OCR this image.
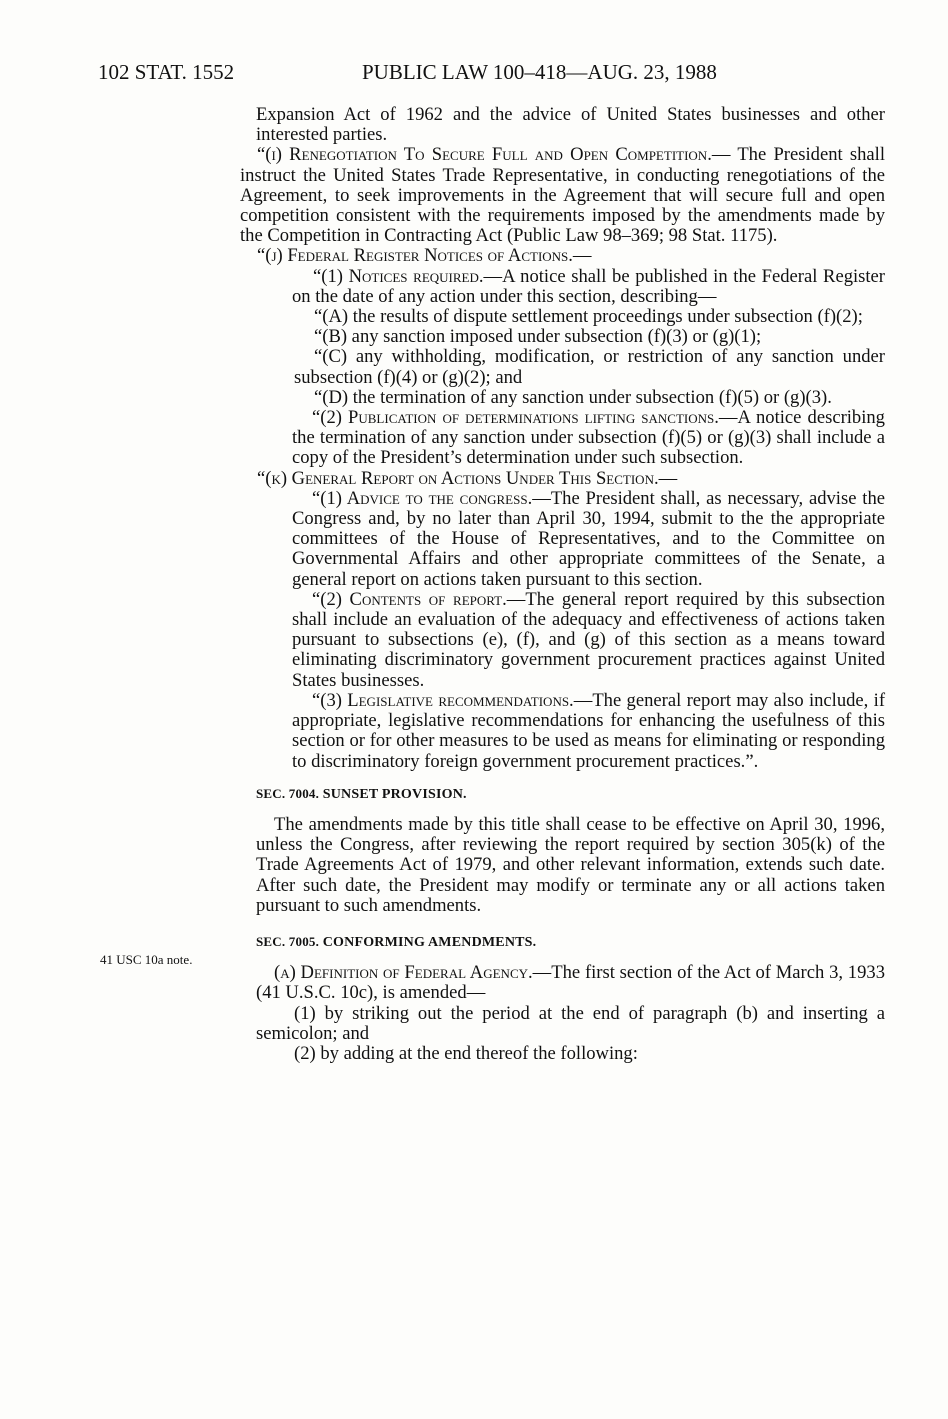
102 STAT. 1552	PUBLIC LAW 100–418—AUG. 23, 1988
41 USC 10a note.
Expansion Act of 1962 and the advice of United States businesses and other interested parties.
“(i) Renegotiation To Secure Full and Open Competition.— The President shall instruct the United States Trade Representative, in conducting renegotiations of the Agreement, to seek improvements in the Agreement that will secure full and open competition consistent with the requirements imposed by the amendments made by the Competition in Contracting Act (Public Law 98–369; 98 Stat. 1175).
“(j) Federal Register Notices of Actions.—
“(1) Notices required.—A notice shall be published in the Federal Register on the date of any action under this section, describing—
“(A) the results of dispute settlement proceedings under subsection (f)(2);
“(B) any sanction imposed under subsection (f)(3) or (g)(1);
“(C) any withholding, modification, or restriction of any sanction under subsection (f)(4) or (g)(2); and
“(D) the termination of any sanction under subsection (f)(5) or (g)(3).
“(2) Publication of determinations lifting sanctions.—A notice describing the termination of any sanction under subsection (f)(5) or (g)(3) shall include a copy of the President’s determination under such subsection.
“(k) General Report on Actions Under This Section.—
“(1) Advice to the congress.—The President shall, as necessary, advise the Congress and, by no later than April 30, 1994, submit to the the appropriate committees of the House of Representatives, and to the Committee on Governmental Affairs and other appropriate committees of the Senate, a general report on actions taken pursuant to this section.
“(2) Contents of report.—The general report required by this subsection shall include an evaluation of the adequacy and effectiveness of actions taken pursuant to subsections (e), (f), and (g) of this section as a means toward eliminating discriminatory government procurement practices against United States businesses.
“(3) Legislative recommendations.—The general report may also include, if appropriate, legislative recommendations for enhancing the usefulness of this section or for other measures to be used as means for eliminating or responding to discriminatory foreign government procurement practices.”.
SEC. 7004. SUNSET PROVISION.
The amendments made by this title shall cease to be effective on April 30, 1996, unless the Congress, after reviewing the report required by section 305(k) of the Trade Agreements Act of 1979, and other relevant information, extends such date. After such date, the President may modify or terminate any or all actions taken pursuant to such amendments.
SEC. 7005. CONFORMING AMENDMENTS.
(a) Definition of Federal Agency.—The first section of the Act of March 3, 1933 (41 U.S.C. 10c), is amended—
(1) by striking out the period at the end of paragraph (b) and inserting a semicolon; and
(2) by adding at the end thereof the following:
